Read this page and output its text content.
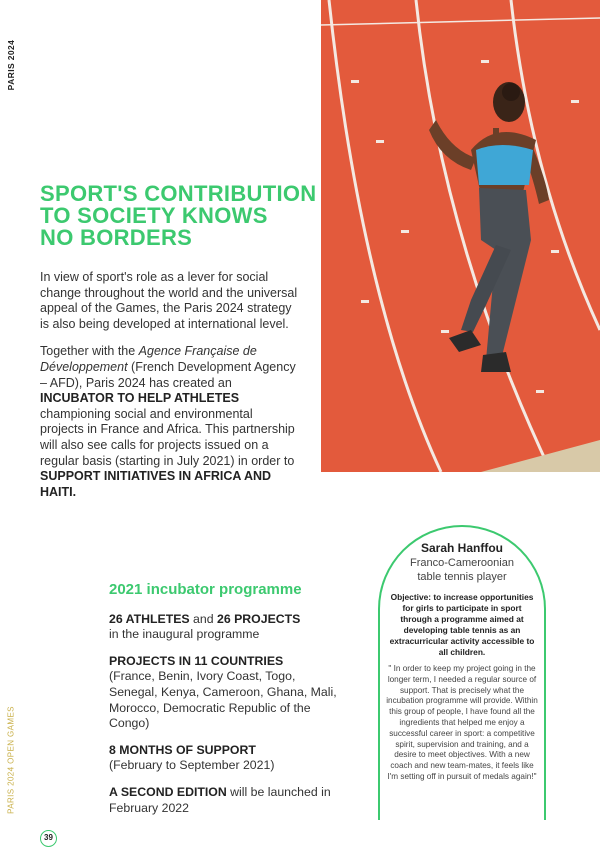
PARIS 2024
SPORT'S CONTRIBUTION
TO SOCIETY KNOWS
NO BORDERS

In view of sport's role as a lever for social change throughout the world and the universal appeal of the Games, the Paris 2024 strategy is also being developed at international level.

Together with the Agence Française de Développement (French Development Agency – AFD), Paris 2024 has created an INCUBATOR TO HELP ATHLETES championing social and environmental projects in France and Africa. This partnership will also see calls for projects issued on a regular basis (starting in July 2021) in order to SUPPORT INITIATIVES IN AFRICA AND HAITI.

2021 incubator programme
26 ATHLETES and 26 PROJECTS
in the inaugural programme
PROJECTS IN 11 COUNTRIES
(France, Benin, Ivory Coast, Togo, Senegal, Kenya, Cameroon, Ghana, Mali, Morocco, Democratic Republic of the Congo)
8 MONTHS OF SUPPORT
(February to September 2021)
A SECOND EDITION will be launched in February 2022
Sarah Hanffou
Franco-Cameroonian table tennis player
Objective: to increase opportunities for girls to participate in sport through a programme aimed at developing table tennis as an extracurricular activity accessible to all children.
" In order to keep my project going in the longer term, I needed a regular source of support. That is precisely what the incubation programme will provide. Within this group of people, I have found all the ingredients that helped me enjoy a successful career in sport: a competitive spirit, supervision and training, and a desire to meet objectives. With a new coach and new team-mates, it feels like I'm setting off in pursuit of medals again!"
PARIS 2024 OPEN GAMES
39
